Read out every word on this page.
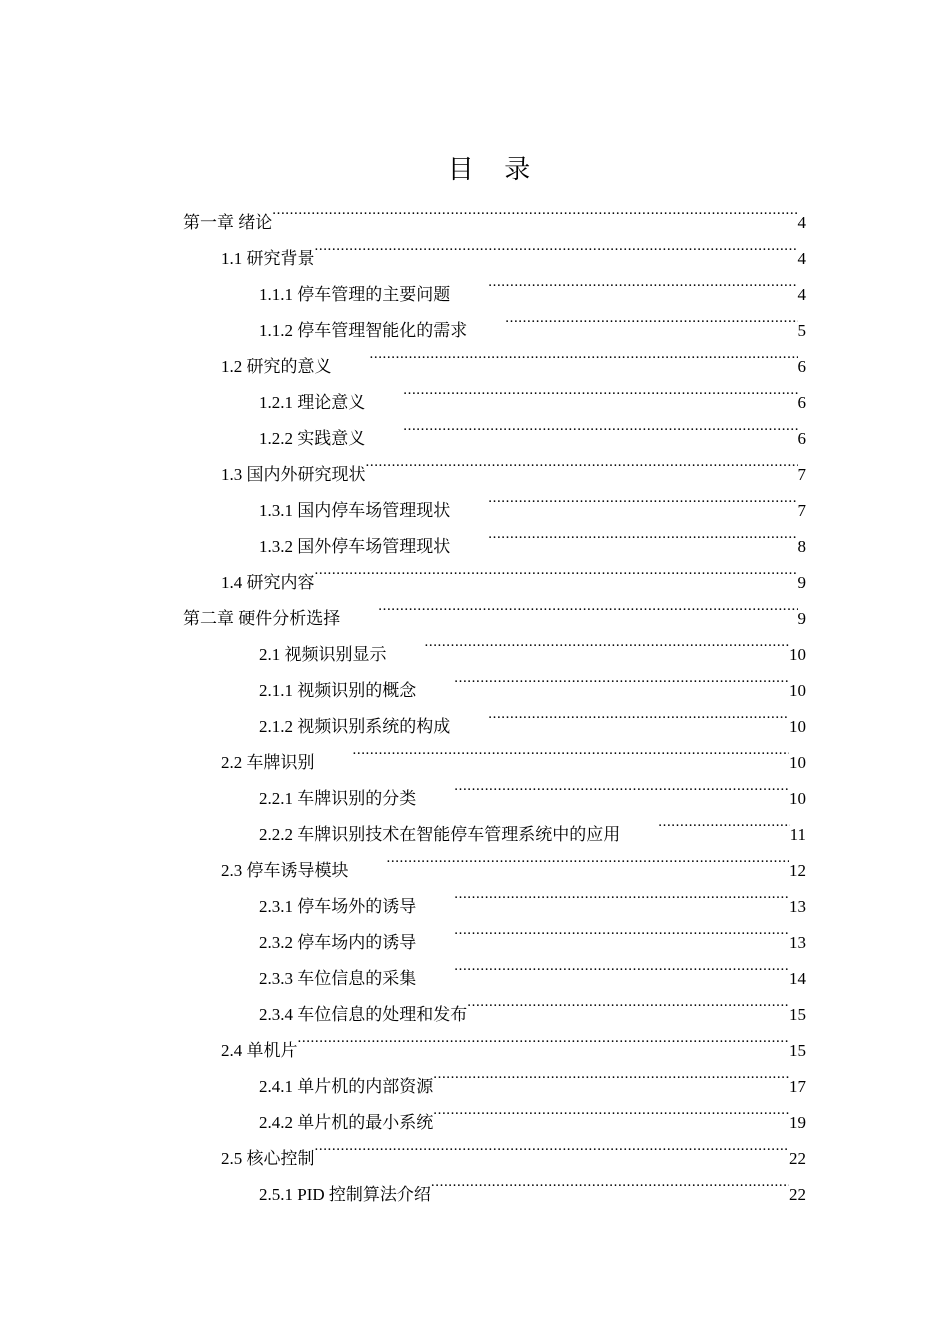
目 录
第一章 绪论 .....	4
1.1 研究背景 .....	4
1.1.1 停车管理的主要问题 .....	4
1.1.2 停车管理智能化的需求 .....	5
1.2 研究的意义 .....	6
1.2.1 理论意义 .....	6
1.2.2 实践意义 .....	6
1.3 国内外研究现状 .....	7
1.3.1 国内停车场管理现状 .....	7
1.3.2 国外停车场管理现状 .....	8
1.4 研究内容 .....	9
第二章 硬件分析选择 .....	9
2.1 视频识别显示 .....	10
2.1.1 视频识别的概念 .....	10
2.1.2 视频识别系统的构成 .....	10
2.2 车牌识别 .....	10
2.2.1 车牌识别的分类 .....	10
2.2.2 车牌识别技术在智能停车管理系统中的应用 .....	11
2.3 停车诱导模块 .....	12
2.3.1 停车场外的诱导 .....	13
2.3.2 停车场内的诱导 .....	13
2.3.3 车位信息的采集 .....	14
2.3.4 车位信息的处理和发布 .....	15
2.4 单机片 .....	15
2.4.1 单片机的内部资源 .....	17
2.4.2 单片机的最小系统 .....	19
2.5 核心控制 .....	22
2.5.1 PID 控制算法介绍 .....	22
